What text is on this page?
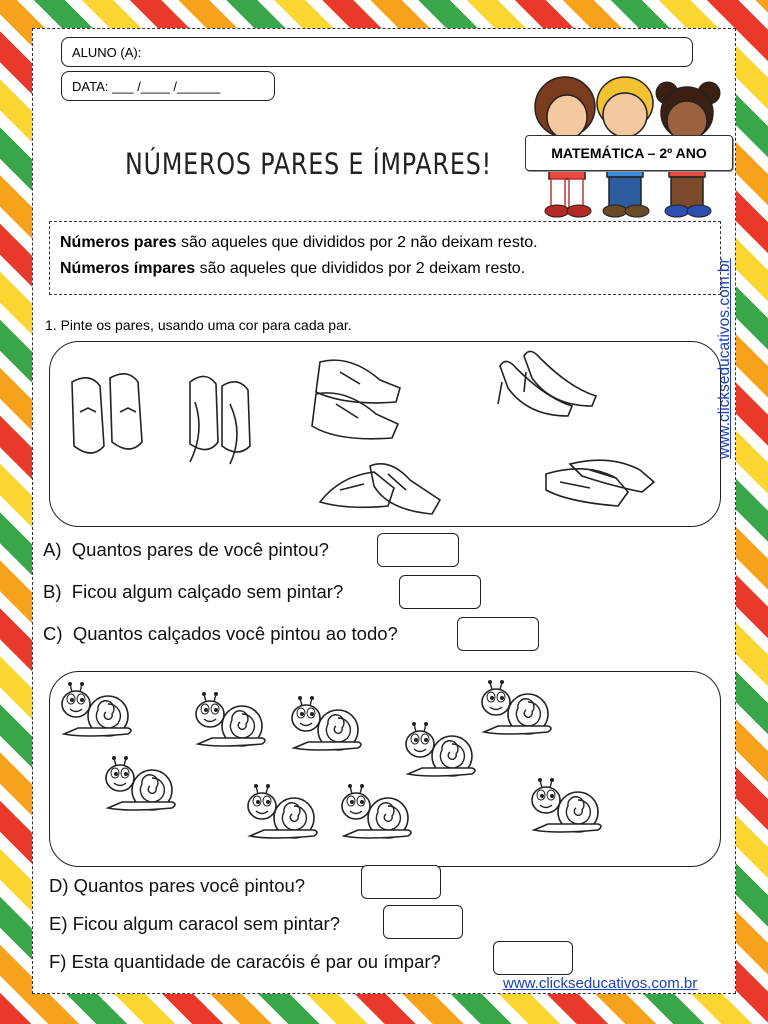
ALUNO (A):
DATA: ___ /____ /______
NÚMEROS PARES E ÍMPARES!	MATEMÁTICA – 2º ANO
Números pares são aqueles que divididos por 2 não deixam resto.
Números ímpares são aqueles que divididos por 2 deixam resto.
1. Pinte os pares, usando uma cor para cada par.
A) Quantos pares de você pintou?
B) Ficou algum calçado sem pintar?
C) Quantos calçados você pintou ao todo?
D) Quantos pares você pintou?
E) Ficou algum caracol sem pintar?
F) Esta quantidade de caracóis é par ou ímpar?
www.clickseducativos.com.br
www.clickseducativos.com.br
